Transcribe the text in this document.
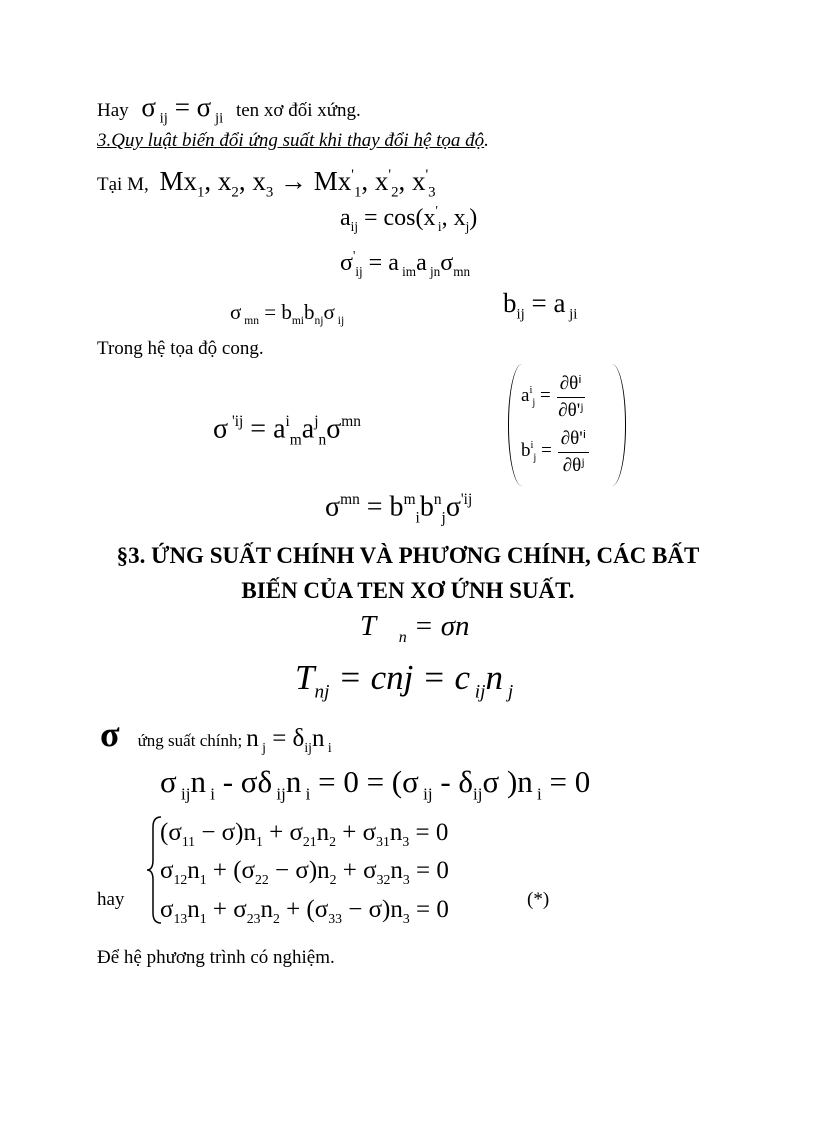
Hay σ $_{ij}$ = σ $_{ji}$ ten xơ đối xứng.
3.Quy luật biến đổi ứng suất khi thay đổi hệ tọa độ.
Tại M, $Mx_1$, $x_2$, $x_3 \to Mx'_1$, $x'_2$, $x'_3$
$a_{ij} = \cos(x'_i$, $x_j$)
$\sigma'_{ij} = a$ $_{im}$a $_{jn}\sigma_{mn}$
σ $_{mn} = b_{mi}b_{nj}\sigma$ $_{ij}$
$b_{ij} = a$ $_{ji}$
Trong hệ tọa độ cong.
σ $^{'ij} = a^i_ma^j_n\sigma^{mn}$
$a^i_j = \frac{\text{∂θⁱ}}{\text{∂θ'ʲ}}$
$b^i_j = \frac{\text{∂θ'ⁱ}}{\text{∂θʲ}}$
$\sigma^{mn} = b^m_ib^n_j\sigma^{'ij}$
§3. ỨNG SUẤT CHÍNH VÀ PHƯƠNG CHÍNH, CÁC BẤT
BIẾN CỦA TEN XƠ ỨNH SUẤT.
$T⃗_n$ = σn⃗
$T_{nj}$ = cnj = c $_{ij}$n $_j$
σ ứng suất chính; n $_j = \delta_{ij}n$ $_i$
σ $_{ij}$n $_i$ - σδ $_{ij}$n $_i$ = 0 = (σ $_{ij} - \delta_{ij}\sigma$ )n $_i$ = 0
hay
$(\sigma_{11} - \sigma)n_1 + \sigma_{21}n_2 + \sigma_{31}n_3 = 0$
$\sigma_{12}n_1 + (\sigma_{22} - \sigma)n_2 + \sigma_{32}n_3 = 0$
$\sigma_{13}n_1 + \sigma_{23}n_2 + (\sigma_{33} - \sigma)n_3 = 0$	(*)
Để hệ phương trình có nghiệm.
